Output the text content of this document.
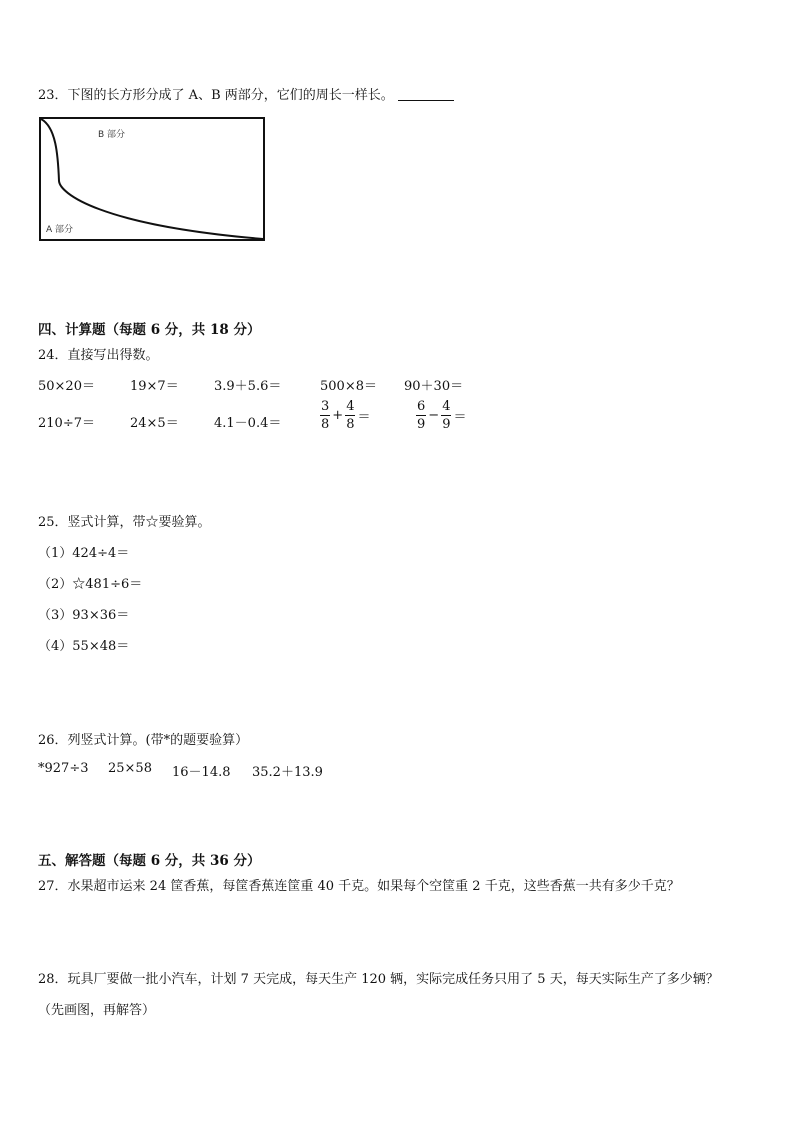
23．下图的长方形分成了 A、B 两部分，它们的周长一样长。
B 部分
A 部分
四、计算题（每题 6 分，共 18 分）
24．直接写出得数。
50×20＝	19×7＝	3.9＋5.6＝	500×8＝ 90＋30＝
210÷7＝	24×5＝	4.1－0.4＝	$\frac{3}{8} + \frac{4}{8}$ ＝	$\frac{6}{9} - \frac{4}{9}$ ＝
25．竖式计算，带☆要验算。
（1）424÷4＝
（2）☆481÷6＝
（3）93×36＝
（4）55×48＝
26．列竖式计算。(带*的题要验算）
*927÷3 25×58 16－14.8 35.2＋13.9
五、解答题（每题 6 分，共 36 分）
27．水果超市运来 24 筐香蕉，每筐香蕉连筐重 40 千克。如果每个空筐重 2 千克，这些香蕉一共有多少千克？
28．玩具厂要做一批小汽车，计划 7 天完成，每天生产 120 辆，实际完成任务只用了 5 天，每天实际生产了多少辆？
（先画图，再解答）
